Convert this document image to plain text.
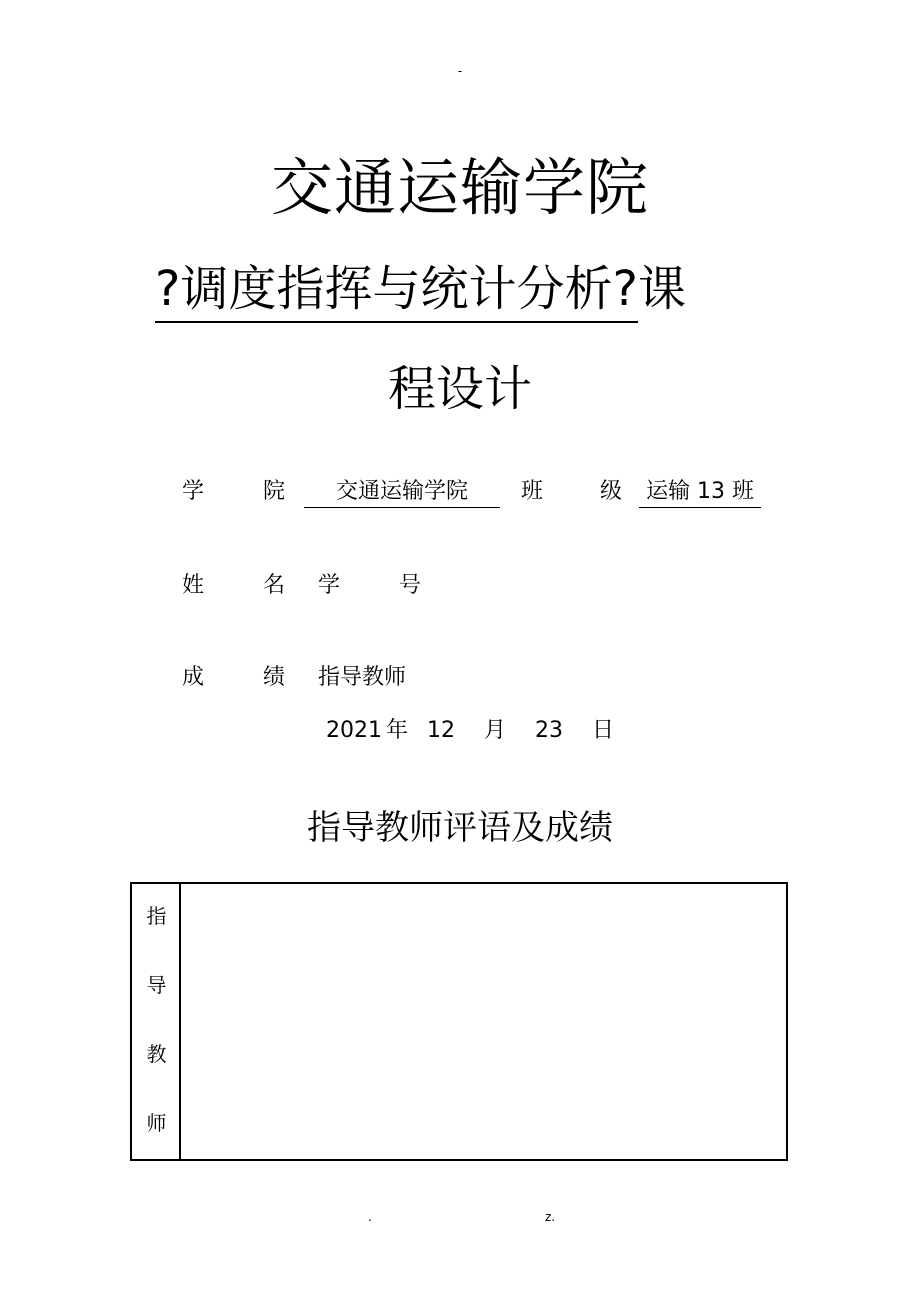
-
交通运输学院
?调度指挥与统计分析?课
程设计
学	院 交通运输学院 班	级 运输 13 班
姓	名 学	号
成	绩 指导教师
2021 年 12 月 23 日
指导教师评语及成绩
指
导
教
师
.	z.
